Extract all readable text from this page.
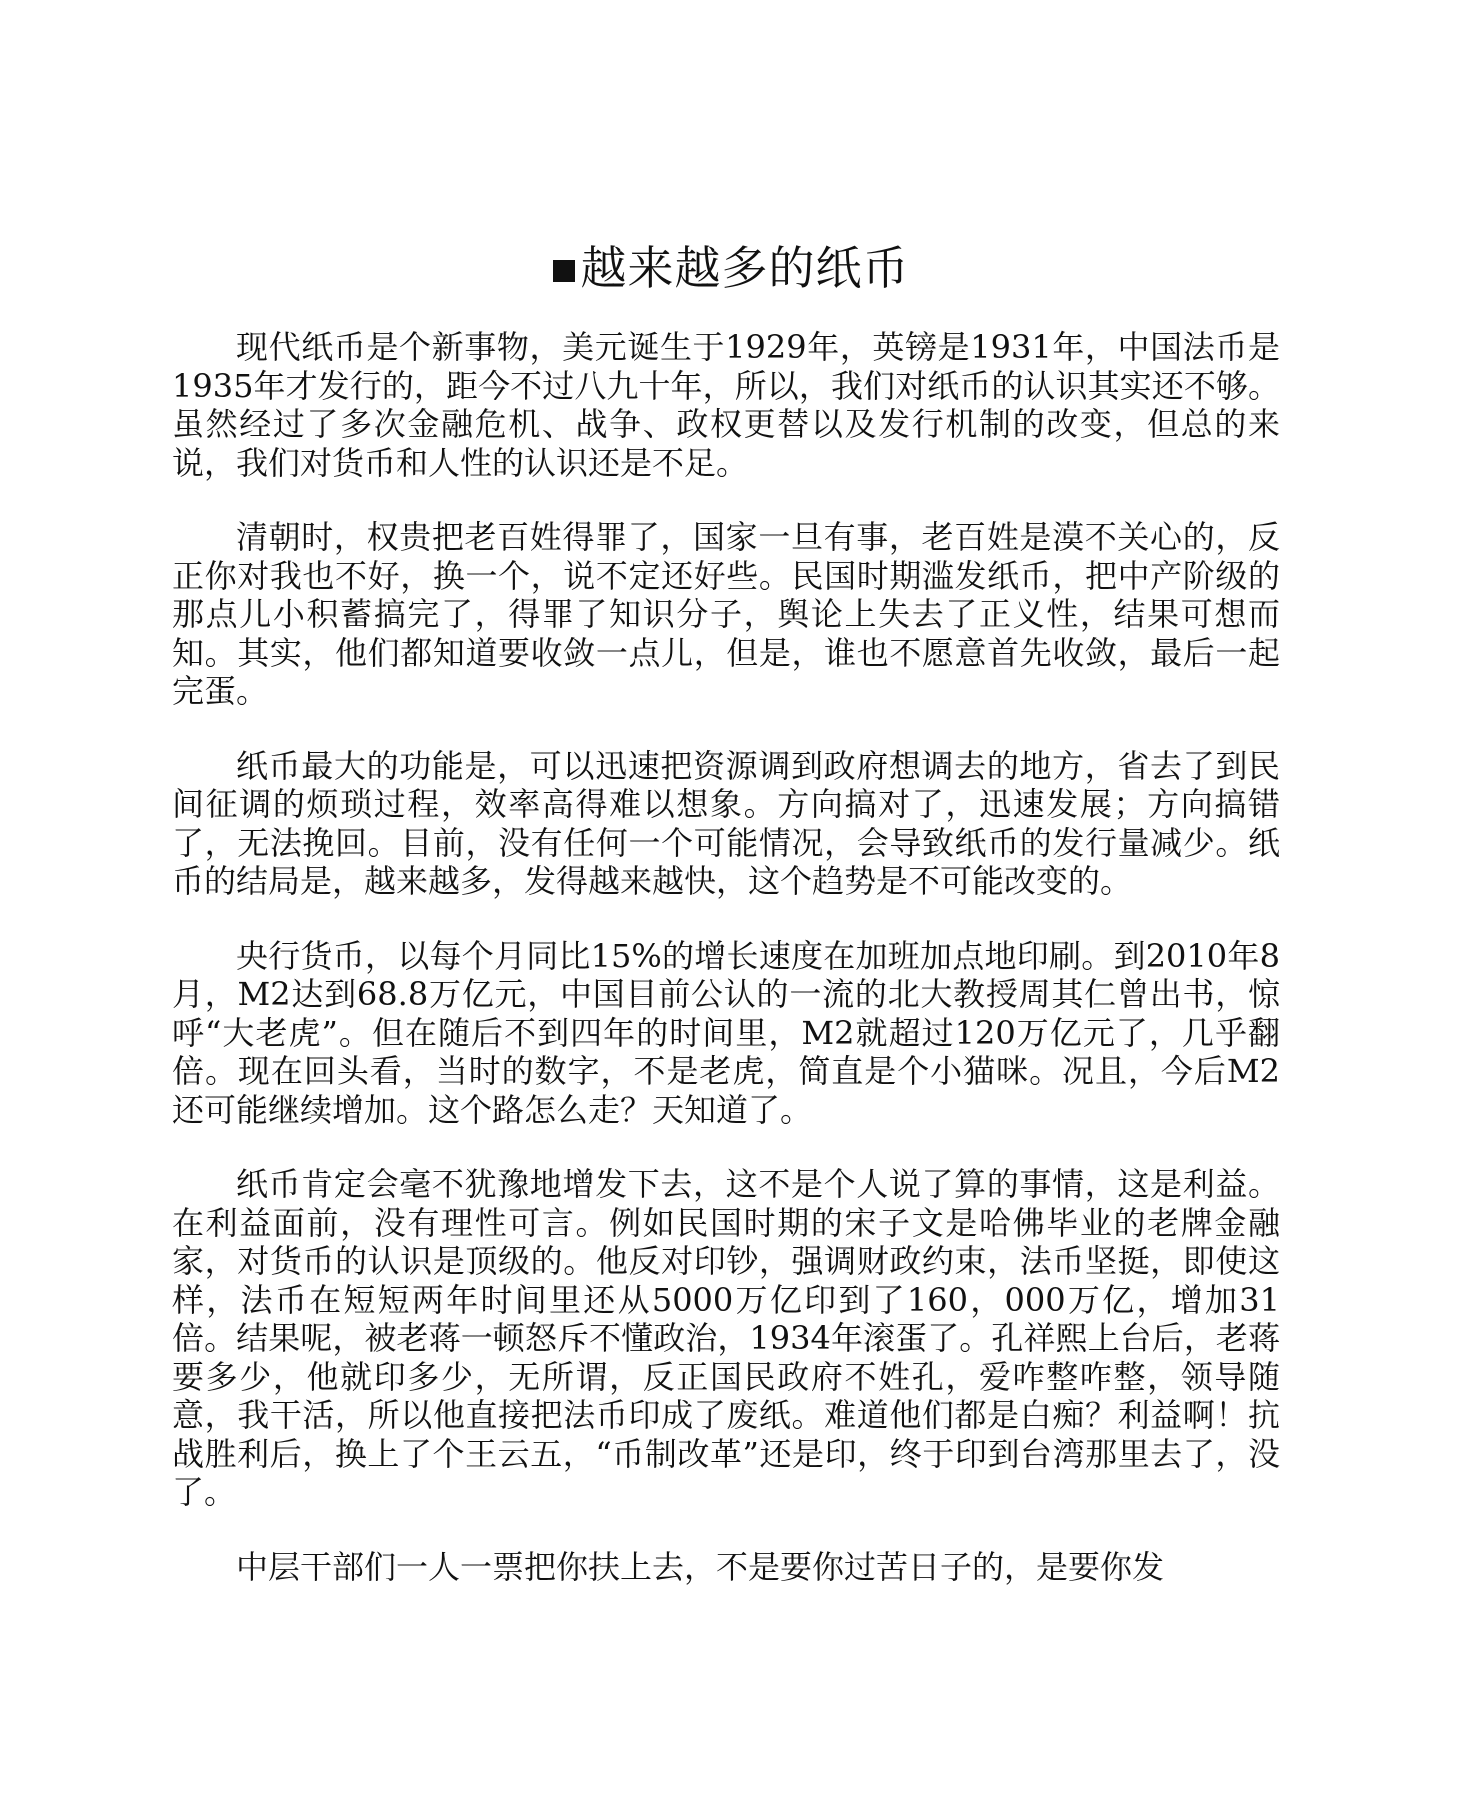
越来越多的纸币

现代纸币是个新事物，美元诞生于1929年，英镑是1931年，中国法币是1935年才发行的，距今不过八九十年，所以，我们对纸币的认识其实还不够。虽然经过了多次金融危机、战争、政权更替以及发行机制的改变，但总的来说，我们对货币和人性的认识还是不足。

清朝时，权贵把老百姓得罪了，国家一旦有事，老百姓是漠不关心的，反正你对我也不好，换一个，说不定还好些。民国时期滥发纸币，把中产阶级的那点儿小积蓄搞完了，得罪了知识分子，舆论上失去了正义性，结果可想而知。其实，他们都知道要收敛一点儿，但是，谁也不愿意首先收敛，最后一起完蛋。

纸币最大的功能是，可以迅速把资源调到政府想调去的地方，省去了到民间征调的烦琐过程，效率高得难以想象。方向搞对了，迅速发展；方向搞错了，无法挽回。目前，没有任何一个可能情况，会导致纸币的发行量减少。纸币的结局是，越来越多，发得越来越快，这个趋势是不可能改变的。

央行货币，以每个月同比15%的增长速度在加班加点地印刷。到2010年8月，M2达到68.8万亿元，中国目前公认的一流的北大教授周其仁曾出书，惊呼“大老虎”。但在随后不到四年的时间里，M2就超过120万亿元了，几乎翻倍。现在回头看，当时的数字，不是老虎，简直是个小猫咪。况且，今后M2还可能继续增加。这个路怎么走？天知道了。

纸币肯定会毫不犹豫地增发下去，这不是个人说了算的事情，这是利益。在利益面前，没有理性可言。例如民国时期的宋子文是哈佛毕业的老牌金融家，对货币的认识是顶级的。他反对印钞，强调财政约束，法币坚挺，即使这样，法币在短短两年时间里还从5000万亿印到了160，000万亿，增加31倍。结果呢，被老蒋一顿怒斥不懂政治，1934年滚蛋了。孔祥熙上台后，老蒋要多少，他就印多少，无所谓，反正国民政府不姓孔，爱咋整咋整，领导随意，我干活，所以他直接把法币印成了废纸。难道他们都是白痴？利益啊！抗战胜利后，换上了个王云五，“币制改革”还是印，终于印到台湾那里去了，没了。

中层干部们一人一票把你扶上去，不是要你过苦日子的，是要你发
